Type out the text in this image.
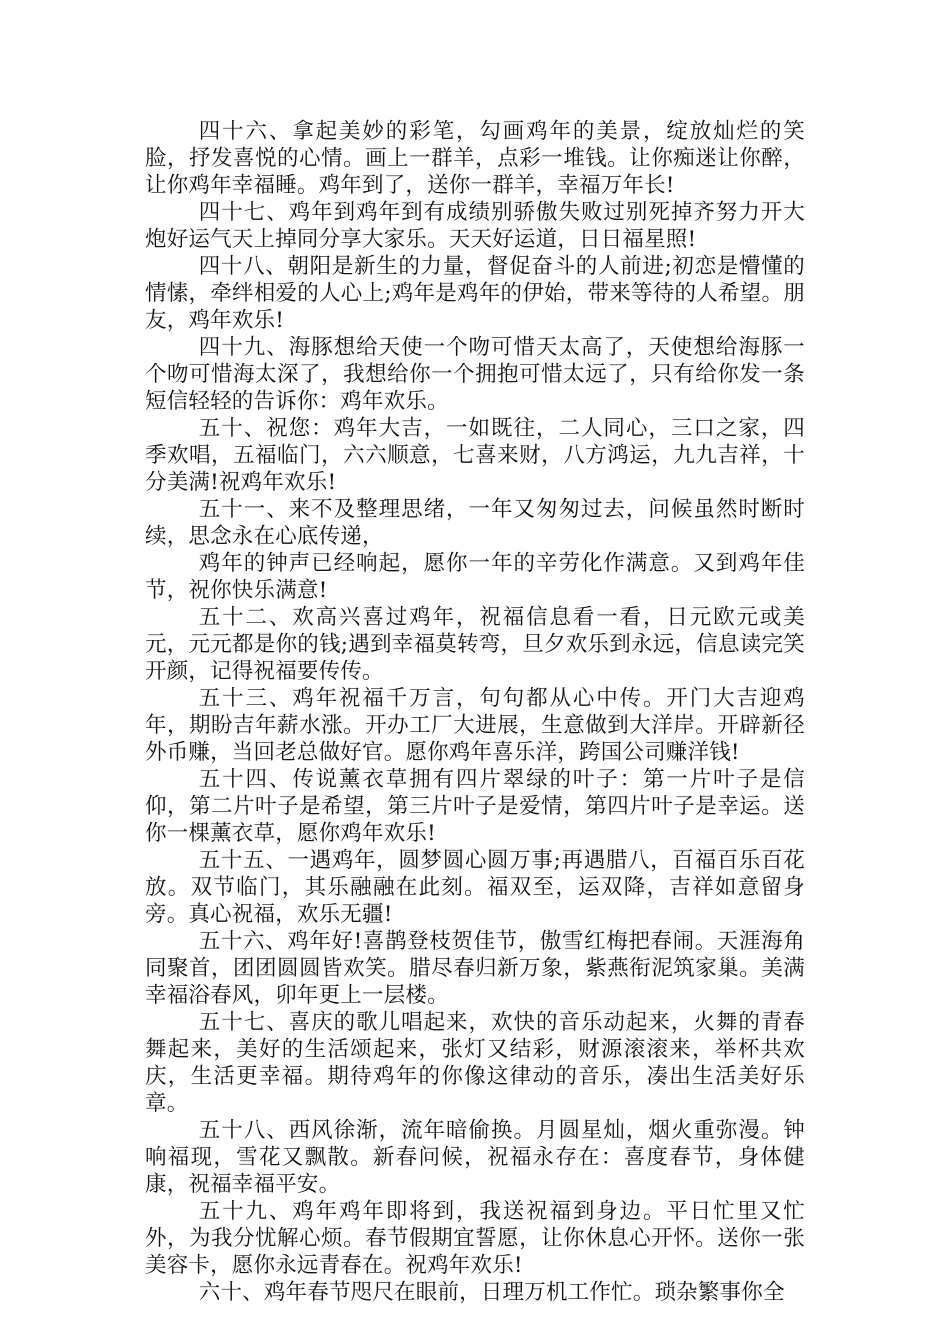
四十六、拿起美妙的彩笔，勾画鸡年的美景，绽放灿烂的笑脸，抒发喜悦的心情。画上一群羊，点彩一堆钱。让你痴迷让你醉，让你鸡年幸福睡。鸡年到了，送你一群羊，幸福万年长!

四十七、鸡年到鸡年到有成绩别骄傲失败过别死掉齐努力开大炮好运气天上掉同分享大家乐。天天好运道，日日福星照!

四十八、朝阳是新生的力量，督促奋斗的人前进;初恋是懵懂的情愫，牵绊相爱的人心上;鸡年是鸡年的伊始，带来等待的人希望。朋友，鸡年欢乐!

四十九、海豚想给天使一个吻可惜天太高了，天使想给海豚一个吻可惜海太深了，我想给你一个拥抱可惜太远了，只有给你发一条短信轻轻的告诉你：鸡年欢乐。

五十、祝您：鸡年大吉，一如既往，二人同心，三口之家，四季欢唱，五福临门，六六顺意，七喜来财，八方鸿运，九九吉祥，十分美满!祝鸡年欢乐!

五十一、来不及整理思绪，一年又匆匆过去，问候虽然时断时续，思念永在心底传递，

鸡年的钟声已经响起，愿你一年的辛劳化作满意。又到鸡年佳节，祝你快乐满意!

五十二、欢高兴喜过鸡年，祝福信息看一看，日元欧元或美元，元元都是你的钱;遇到幸福莫转弯，旦夕欢乐到永远，信息读完笑开颜，记得祝福要传传。

五十三、鸡年祝福千万言，句句都从心中传。开门大吉迎鸡年，期盼吉年薪水涨。开办工厂大进展，生意做到大洋岸。开辟新径外币赚，当回老总做好官。愿你鸡年喜乐洋，跨国公司赚洋钱!

五十四、传说薰衣草拥有四片翠绿的叶子：第一片叶子是信仰，第二片叶子是希望，第三片叶子是爱情，第四片叶子是幸运。送你一棵薰衣草，愿你鸡年欢乐!

五十五、一遇鸡年，圆梦圆心圆万事;再遇腊八，百福百乐百花放。双节临门，其乐融融在此刻。福双至，运双降，吉祥如意留身旁。真心祝福，欢乐无疆!

五十六、鸡年好!喜鹊登枝贺佳节，傲雪红梅把春闹。天涯海角同聚首，团团圆圆皆欢笑。腊尽春归新万象，紫燕衔泥筑家巢。美满幸福浴春风，卯年更上一层楼。

五十七、喜庆的歌儿唱起来，欢快的音乐动起来，火舞的青春舞起来，美好的生活颂起来，张灯又结彩，财源滚滚来，举杯共欢庆，生活更幸福。期待鸡年的你像这律动的音乐，凑出生活美好乐章。

五十八、西风徐渐，流年暗偷换。月圆星灿，烟火重弥漫。钟响福现，雪花又飘散。新春问候，祝福永存在：喜度春节，身体健康，祝福幸福平安。

五十九、鸡年鸡年即将到，我送祝福到身边。平日忙里又忙外，为我分忧解心烦。春节假期宜誓愿，让你休息心开怀。送你一张美容卡，愿你永远青春在。祝鸡年欢乐!

六十、鸡年春节咫尺在眼前，日理万机工作忙。琐杂繁事你全
